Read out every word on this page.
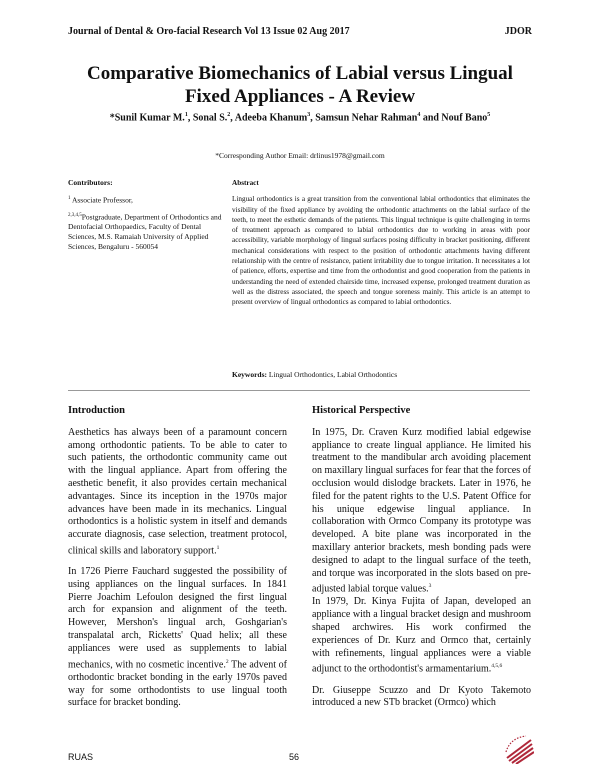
Journal of Dental & Oro-facial Research Vol 13 Issue 02 Aug 2017	JDOR
Comparative Biomechanics of Labial versus Lingual
Fixed Appliances - A Review
*Sunil Kumar M.$^1$, Sonal S.$^2$, Adeeba Khanum$^3$, Samsun Nehar Rahman$^4$ and Nouf Bano$^5$
*Corresponding Author Email: drlinus1978@gmail.com
Contributors:

$^1$ Associate Professor,

$^{2,3,4,5}$Postgraduate, Department of Orthodontics and Dentofacial Orthopaedics, Faculty of Dental Sciences, M.S. Ramaiah University of Applied Sciences, Bengaluru - 560054

Abstract

Lingual orthodontics is a great transition from the conventional labial orthodontics that eliminates the visibility of the fixed appliance by avoiding the orthodontic attachments on the labial surface of the teeth, to meet the esthetic demands of the patients. This lingual technique is quite challenging in terms of treatment approach as compared to labial orthodontics due to working in areas with poor accessibility, variable morphology of lingual surfaces posing difficulty in bracket positioning, different mechanical considerations with respect to the position of orthodontic attachments having different relationship with the centre of resistance, patient irritability due to tongue irritation. It necessitates a lot of patience, efforts, expertise and time from the orthodontist and good cooperation from the patients in understanding the need of extended chairside time, increased expense, prolonged treatment duration as well as the distress associated, the speech and tongue soreness mainly. This article is an attempt to present overview of lingual orthodontics as compared to labial orthodontics.

Keywords: Lingual Orthodontics, Labial Orthodontics
Introduction

Aesthetics has always been of a paramount concern among orthodontic patients. To be able to cater to such patients, the orthodontic community came out with the lingual appliance. Apart from offering the aesthetic benefit, it also provides certain mechanical advantages. Since its inception in the 1970s major advances have been made in its mechanics. Lingual orthodontics is a holistic system in itself and demands accurate diagnosis, case selection, treatment protocol, clinical skills and laboratory support.$^1$

In 1726 Pierre Fauchard suggested the possibility of using appliances on the lingual surfaces. In 1841 Pierre Joachim Lefoulon designed the first lingual arch for expansion and alignment of the teeth. However, Mershon's lingual arch, Goshgarian's transpalatal arch, Ricketts' Quad helix; all these appliances were used as supplements to labial mechanics, with no cosmetic incentive.$^2$ The advent of orthodontic bracket bonding in the early 1970s paved way for some orthodontists to use lingual tooth surface for bracket bonding.

Historical Perspective

In 1975, Dr. Craven Kurz modified labial edgewise appliance to create lingual appliance. He limited his treatment to the mandibular arch avoiding placement on maxillary lingual surfaces for fear that the forces of occlusion would dislodge brackets. Later in 1976, he filed for the patent rights to the U.S. Patent Office for his unique edgewise lingual appliance. In collaboration with Ormco Company its prototype was developed. A bite plane was incorporated in the maxillary anterior brackets, mesh bonding pads were designed to adapt to the lingual surface of the teeth, and torque was incorporated in the slots based on pre-adjusted labial torque values.$^3$

In 1979, Dr. Kinya Fujita of Japan, developed an appliance with a lingual bracket design and mushroom shaped archwires. His work confirmed the experiences of Dr. Kurz and Ormco that, certainly with refinements, lingual appliances were a viable adjunct to the orthodontist's armamentarium.$^{4,5,6}$

Dr. Giuseppe Scuzzo and Dr Kyoto Takemoto introduced a new STb bracket (Ormco) which

RUAS	56
